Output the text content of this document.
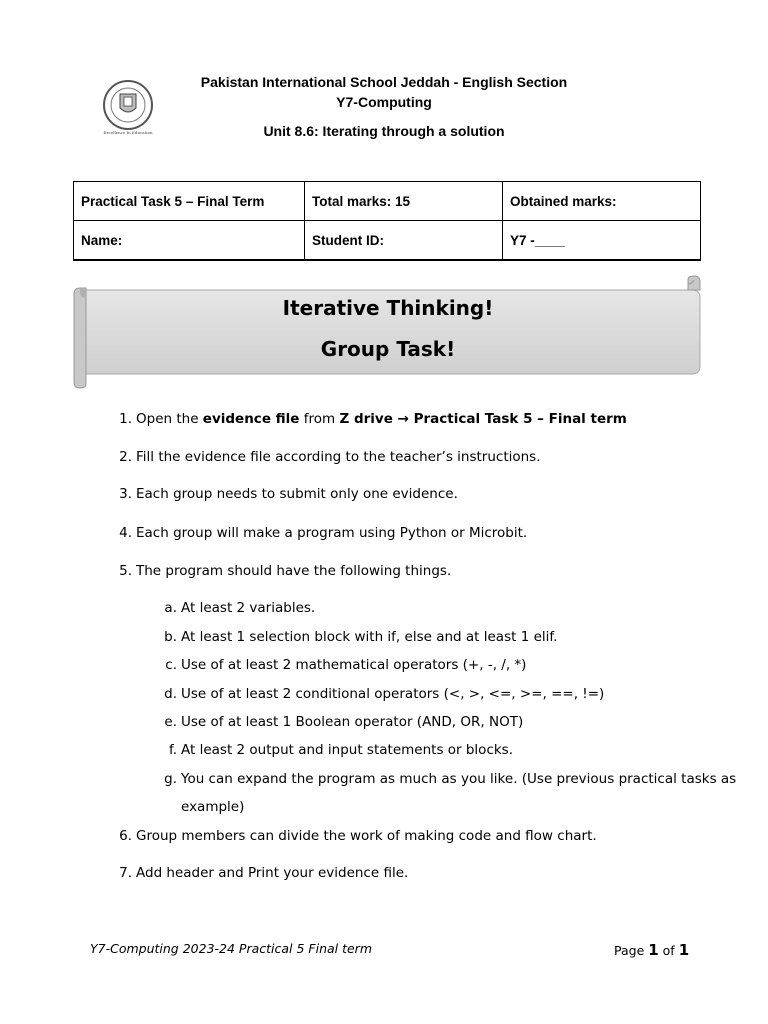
Excellence In Education
Pakistan International School Jeddah - English Section
Y7-Computing
Unit 8.6: Iterating through a solution
Practical Task 5 – Final Term	Total marks: 15	Obtained marks:
Name:	Student ID:	Y7 -____
Iterative Thinking!
Group Task!
1. Open the evidence file from Z drive → Practical Task 5 – Final term
2. Fill the evidence file according to the teacher’s instructions.
3. Each group needs to submit only one evidence.
4. Each group will make a program using Python or Microbit.
5. The program should have the following things.
a. At least 2 variables.
b. At least 1 selection block with if, else and at least 1 elif.
c. Use of at least 2 mathematical operators (+, -, /, *)
d. Use of at least 2 conditional operators (<, >, <=, >=, ==, !=)
e. Use of at least 1 Boolean operator (AND, OR, NOT)
f. At least 2 output and input statements or blocks.
g. You can expand the program as much as you like. (Use previous practical tasks as
example)
6. Group members can divide the work of making code and flow chart.
7. Add header and Print your evidence file.
Y7-Computing 2023-24 Practical 5 Final term	Page 1 of 1
